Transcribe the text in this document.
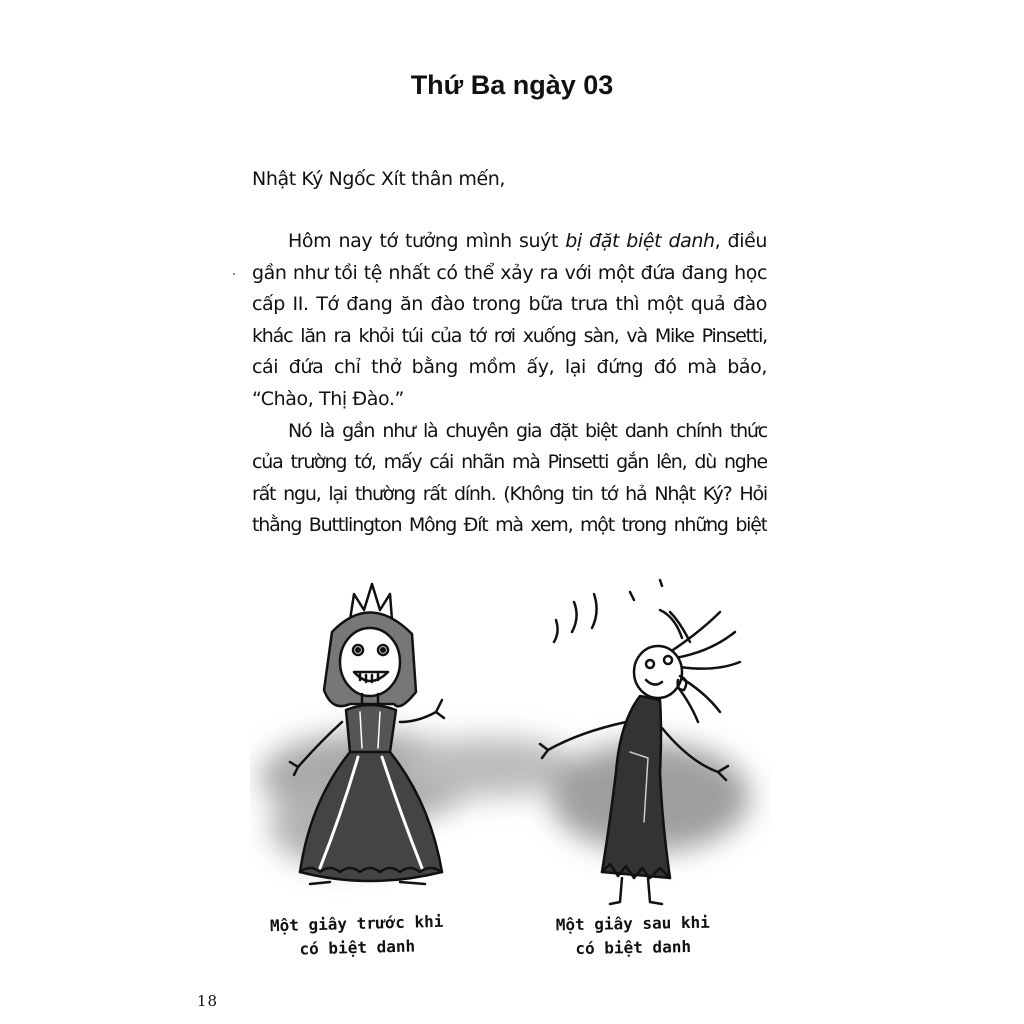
Thứ Ba ngày 03
Nhật Ký Ngốc Xít thân mến,
Hôm nay tớ tưởng mình suýt bị đặt biệt danh, điều
gần như tồi tệ nhất có thể xảy ra với một đứa đang học
cấp II. Tớ đang ăn đào trong bữa trưa thì một quả đào
khác lăn ra khỏi túi của tớ rơi xuống sàn, và Mike Pinsetti,
cái đứa chỉ thở bằng mồm ấy, lại đứng đó mà bảo,
“Chào, Thị Đào.”
Nó là gần như là chuyên gia đặt biệt danh chính thức
của trường tớ, mấy cái nhãn mà Pinsetti gắn lên, dù nghe
rất ngu, lại thường rất dính. (Không tin tớ hả Nhật Ký? Hỏi
thằng Buttlington Mông Đít mà xem, một trong những biệt
Một giây trước khi
có biệt danh
Một giây sau khi
có biệt danh
18
